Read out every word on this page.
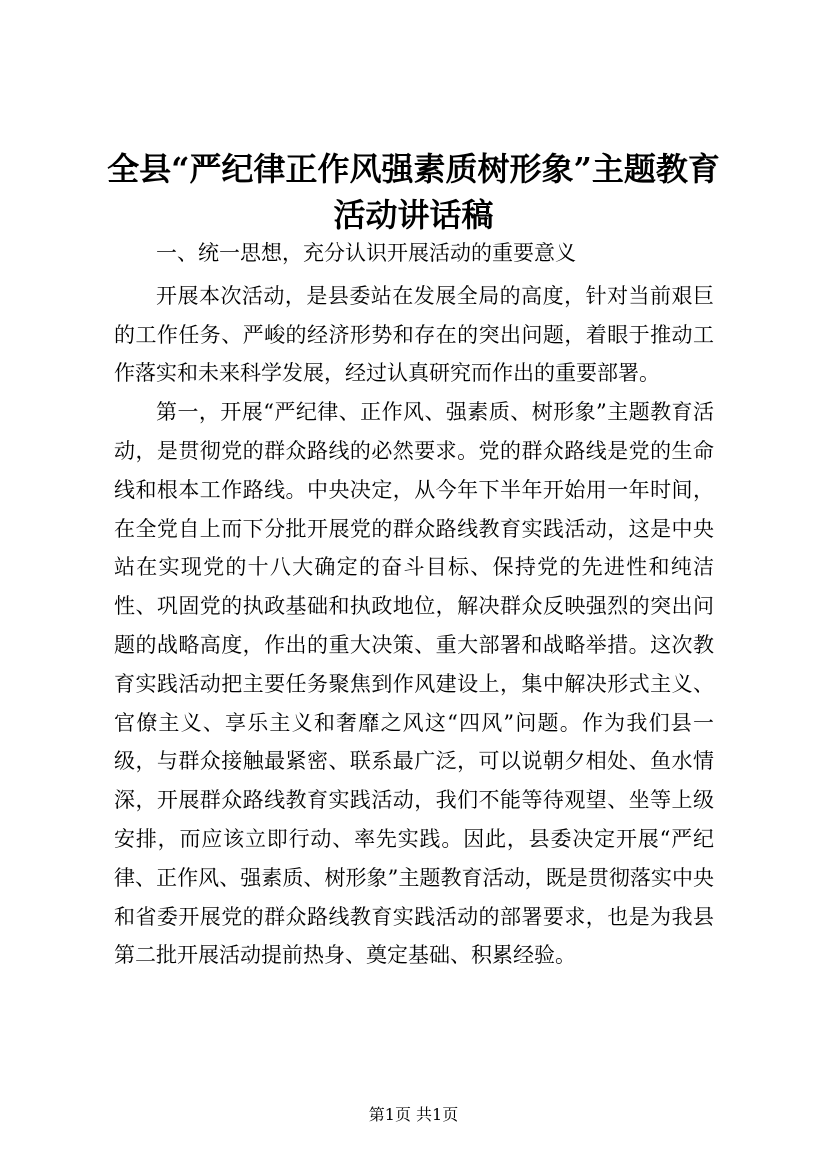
全县“严纪律正作风强素质树形象”主题教育
活动讲话稿

一、统一思想，充分认识开展活动的重要意义

开展本次活动，是县委站在发展全局的高度，针对当前艰巨的工作任务、严峻的经济形势和存在的突出问题，着眼于推动工作落实和未来科学发展，经过认真研究而作出的重要部署。

第一，开展“严纪律、正作风、强素质、树形象”主题教育活动，是贯彻党的群众路线的必然要求。党的群众路线是党的生命线和根本工作路线。中央决定，从今年下半年开始用一年时间，在全党自上而下分批开展党的群众路线教育实践活动，这是中央站在实现党的十八大确定的奋斗目标、保持党的先进性和纯洁性、巩固党的执政基础和执政地位，解决群众反映强烈的突出问题的战略高度，作出的重大决策、重大部署和战略举措。这次教育实践活动把主要任务聚焦到作风建设上，集中解决形式主义、官僚主义、享乐主义和奢靡之风这“四风”问题。作为我们县一级，与群众接触最紧密、联系最广泛，可以说朝夕相处、鱼水情深，开展群众路线教育实践活动，我们不能等待观望、坐等上级安排，而应该立即行动、率先实践。因此，县委决定开展“严纪律、正作风、强素质、树形象”主题教育活动，既是贯彻落实中央和省委开展党的群众路线教育实践活动的部署要求，也是为我县第二批开展活动提前热身、奠定基础、积累经验。

第1页 共1页
